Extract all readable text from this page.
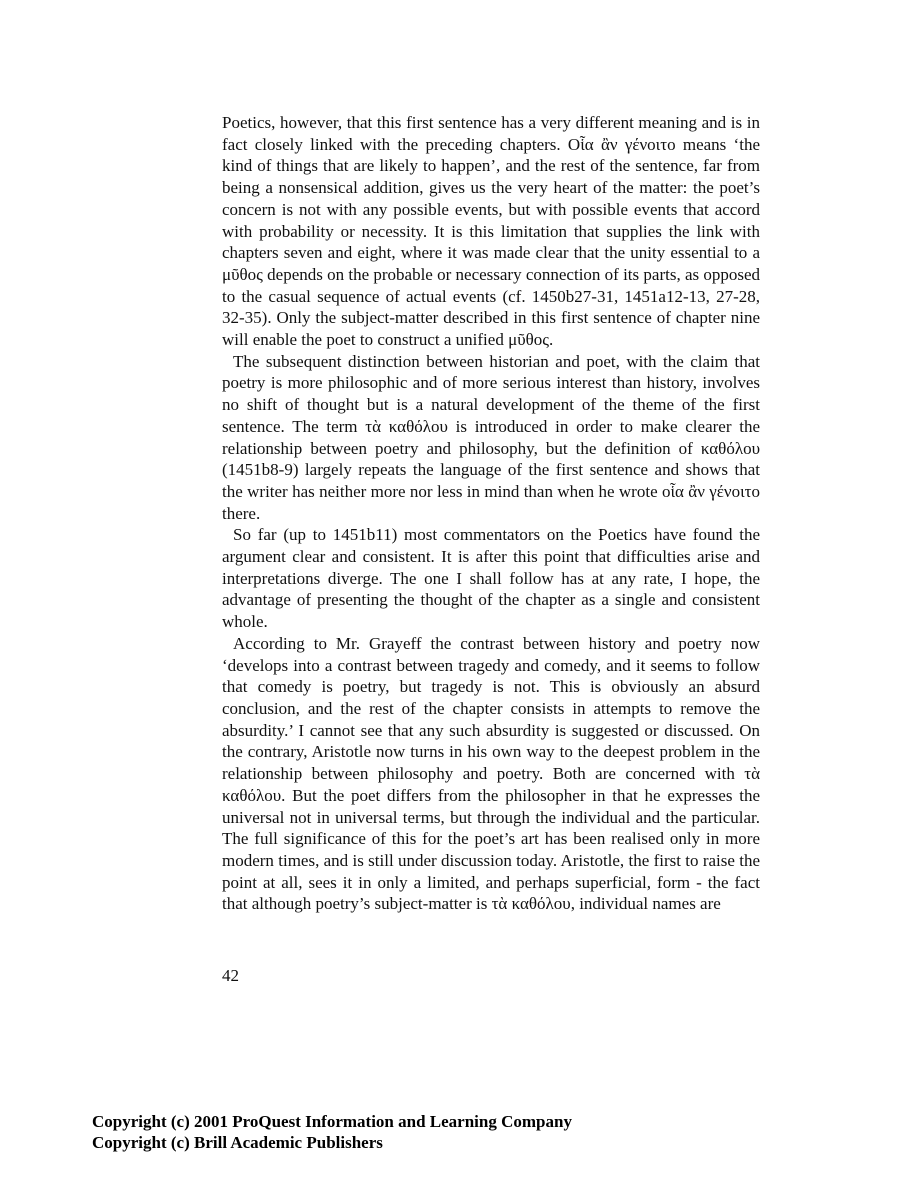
Poetics, however, that this first sentence has a very different meaning and is in fact closely linked with the preceding chapters. Οἷα ἂν γένοιτο means ‘the kind of things that are likely to happen’, and the rest of the sentence, far from being a nonsensical addition, gives us the very heart of the matter: the poet’s concern is not with any possible events, but with possible events that accord with probability or necessity. It is this limitation that supplies the link with chapters seven and eight, where it was made clear that the unity essential to a μῦθος depends on the probable or necessary connection of its parts, as opposed to the casual sequence of actual events (cf. 1450b27-31, 1451a12-13, 27-28, 32-35). Only the subject-matter described in this first sentence of chapter nine will enable the poet to construct a unified μῦθος.

The subsequent distinction between historian and poet, with the claim that poetry is more philosophic and of more serious interest than history, involves no shift of thought but is a natural development of the theme of the first sentence. The term τὰ καθόλου is introduced in order to make clearer the relationship between poetry and philosophy, but the definition of καθόλου (1451b8-9) largely repeats the language of the first sentence and shows that the writer has neither more nor less in mind than when he wrote οἷα ἂν γένοιτο there.

So far (up to 1451b11) most commentators on the Poetics have found the argument clear and consistent. It is after this point that difficulties arise and interpretations diverge. The one I shall follow has at any rate, I hope, the advantage of presenting the thought of the chapter as a single and consistent whole.

According to Mr. Grayeff the contrast between history and poetry now ‘develops into a contrast between tragedy and comedy, and it seems to follow that comedy is poetry, but tragedy is not. This is obviously an absurd conclusion, and the rest of the chapter consists in attempts to remove the absurdity.’ I cannot see that any such absurdity is suggested or discussed. On the contrary, Aristotle now turns in his own way to the deepest problem in the relationship between philosophy and poetry. Both are concerned with τὰ καθόλου. But the poet differs from the philosopher in that he expresses the universal not in universal terms, but through the individual and the particular. The full significance of this for the poet’s art has been realised only in more modern times, and is still under discussion today. Aristotle, the first to raise the point at all, sees it in only a limited, and perhaps superficial, form - the fact that although poetry’s subject-matter is τὰ καθόλου, individual names are

42
Copyright (c) 2001 ProQuest Information and Learning Company
Copyright (c) Brill Academic Publishers
